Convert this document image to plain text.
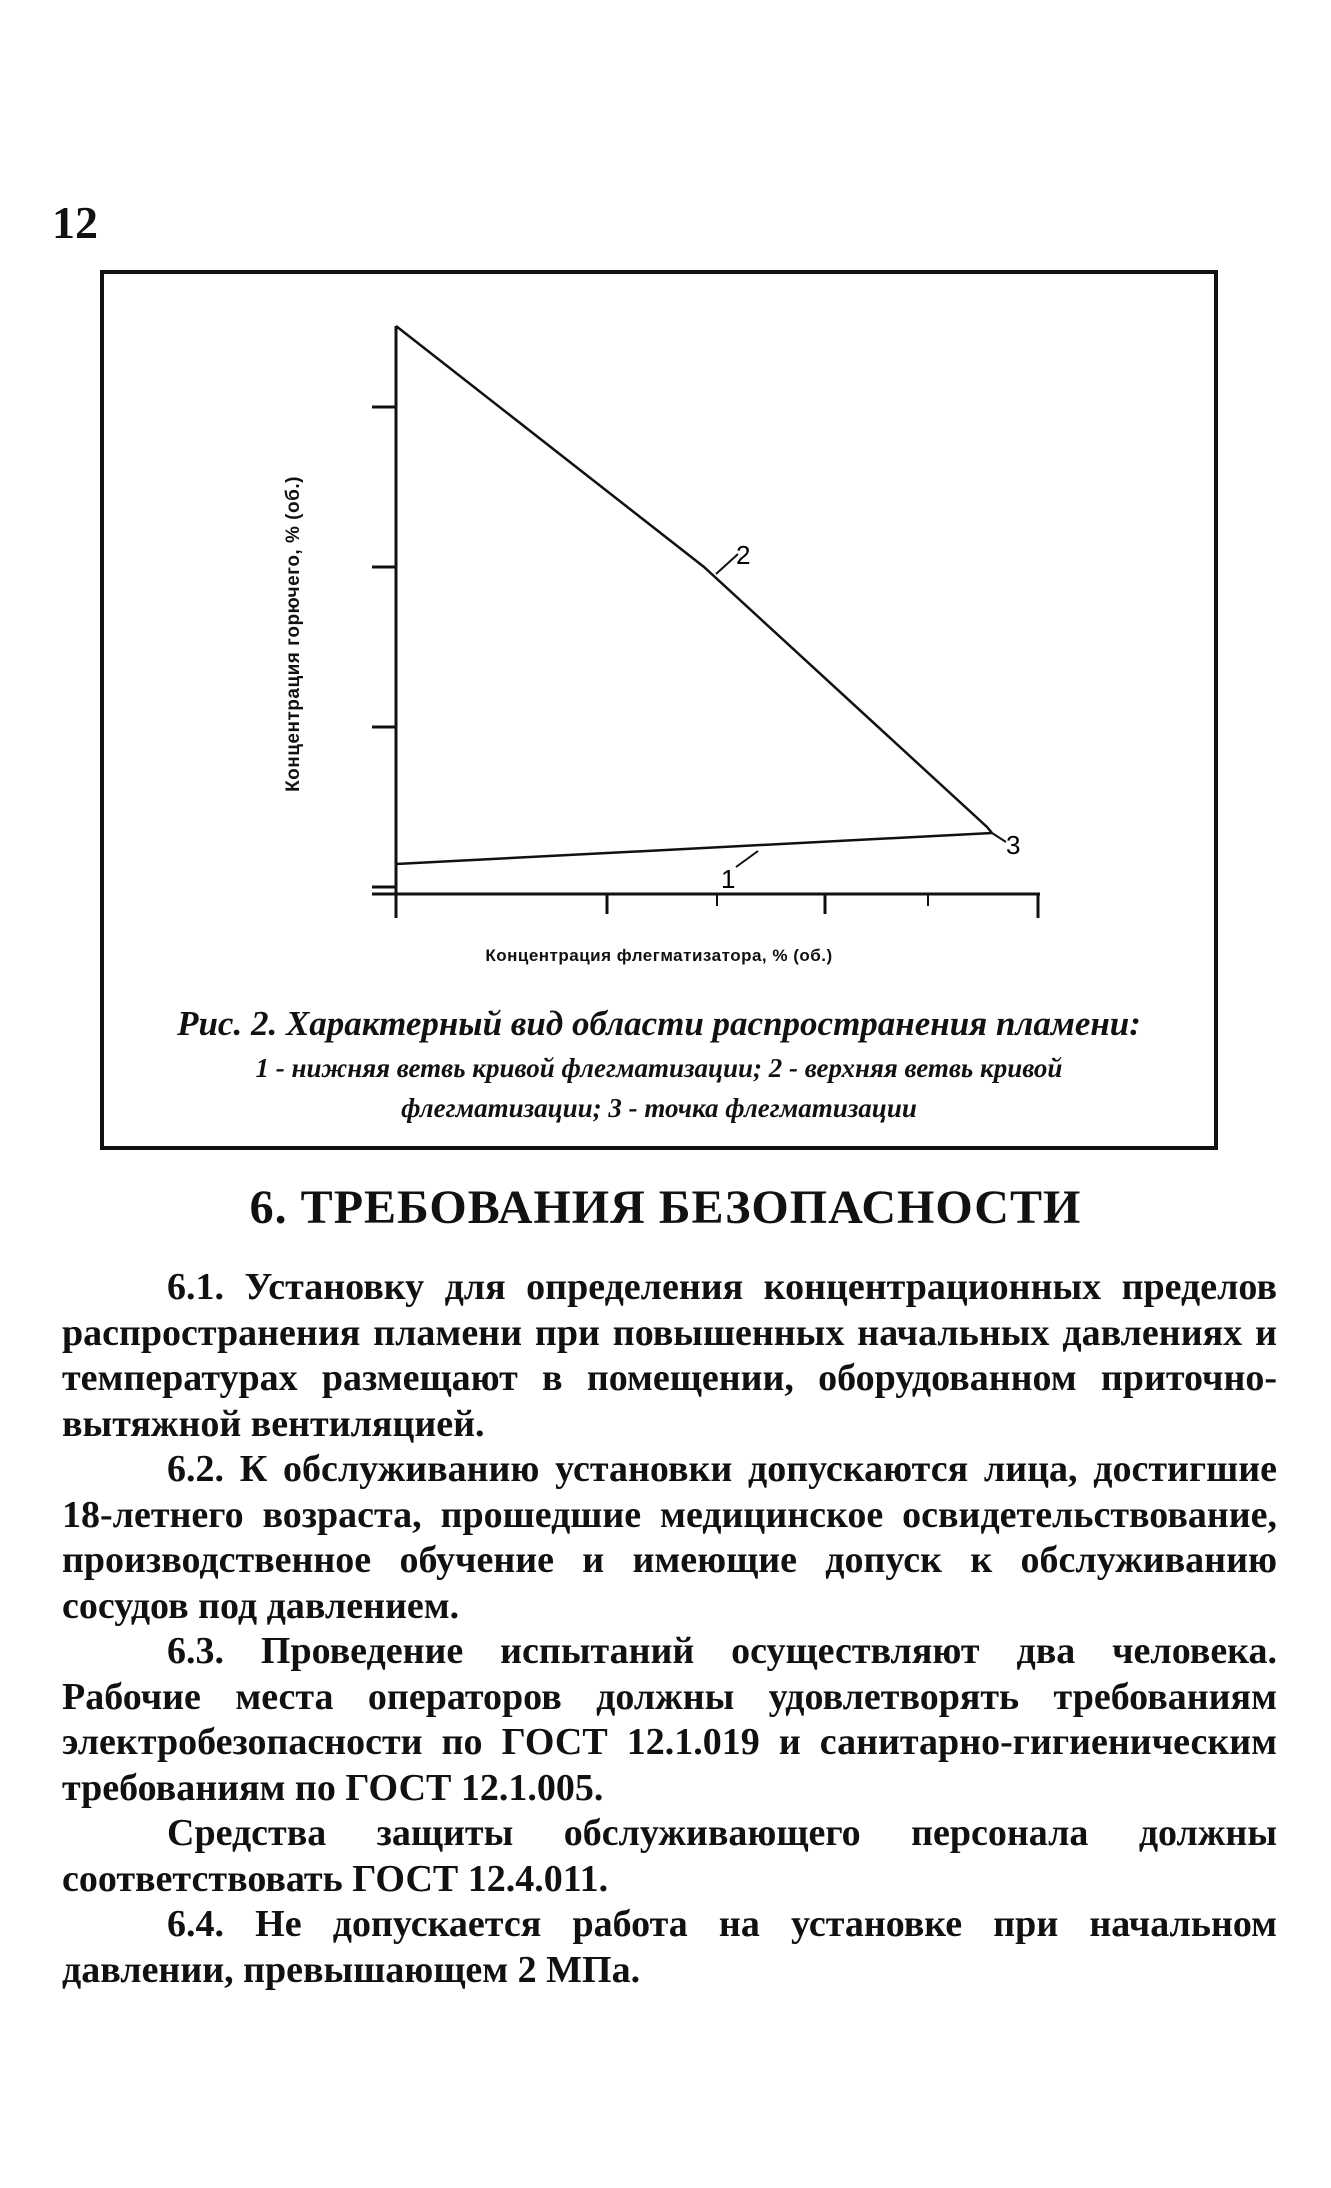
12
2
1
3
Концентрация горючего, % (об.)
Концентрация флегматизатора, % (об.)
Рис. 2. Характерный вид области распространения пламени:
1 - нижняя ветвь кривой флегматизации; 2 - верхняя ветвь кривой флегматизации; 3 - точка флегматизации
6. ТРЕБОВАНИЯ БЕЗОПАСНОСТИ

6.1. Установку для определения концентрационных пределов распространения пламени при повышенных начальных давлениях и температурах размещают в помещении, оборудованном приточно-вытяжной вентиляцией.

6.2. К обслуживанию установки допускаются лица, достигшие 18-летнего возраста, прошедшие медицинское освидетельствование, производственное обучение и имеющие допуск к обслуживанию сосудов под давлением.

6.3. Проведение испытаний осуществляют два человека. Рабочие места операторов должны удовлетворять требованиям электробезопасности по ГОСТ 12.1.019 и санитарно-гигиеническим требованиям по ГОСТ 12.1.005.

Средства защиты обслуживающего персонала должны соответствовать ГОСТ 12.4.011.

6.4. Не допускается работа на установке при начальном давлении, превышающем 2 МПа.
